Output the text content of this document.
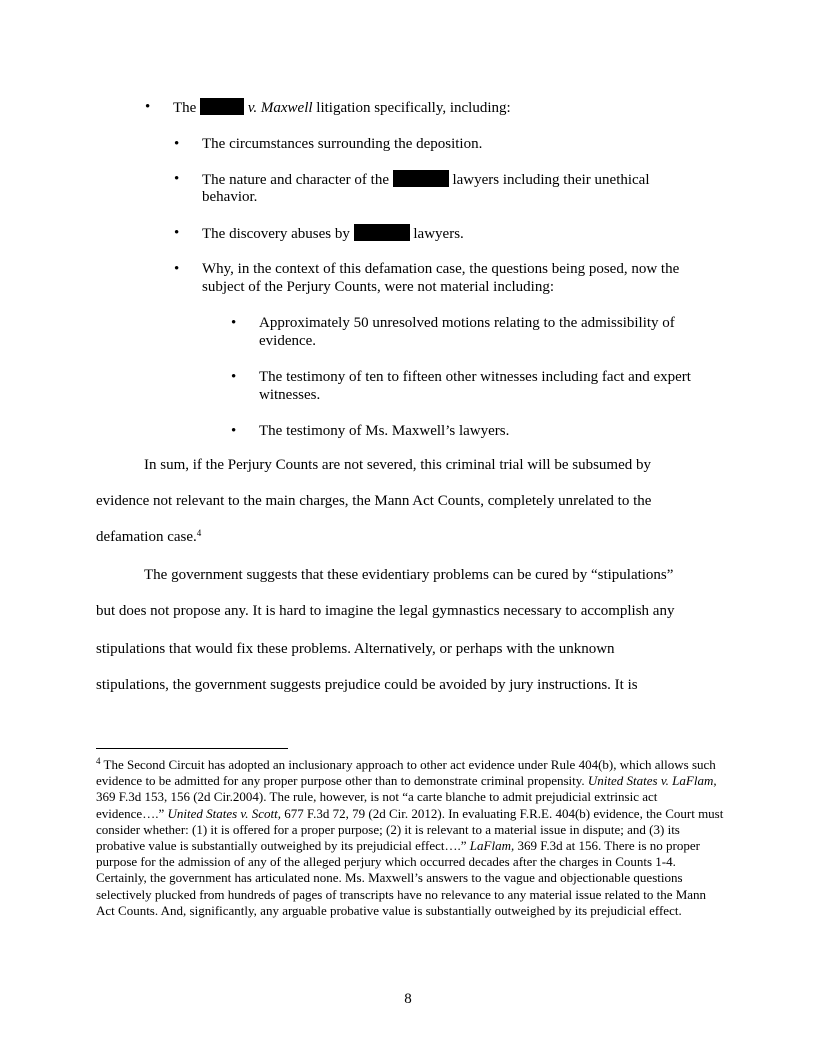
• The	v. Maxwell litigation specifically, including:
• The circumstances surrounding the deposition.
• The nature and character of the	lawyers including their unethical
behavior.
• The discovery abuses by	lawyers.
• Why, in the context of this defamation case, the questions being posed, now the
subject of the Perjury Counts, were not material including:
• Approximately 50 unresolved motions relating to the admissibility of
evidence.
• The testimony of ten to fifteen other witnesses including fact and expert
witnesses.
• The testimony of Ms. Maxwell’s lawyers.
In sum, if the Perjury Counts are not severed, this criminal trial will be subsumed by
evidence not relevant to the main charges, the Mann Act Counts, completely unrelated to the
defamation case.$^4$
The government suggests that these evidentiary problems can be cured by “stipulations”
but does not propose any. It is hard to imagine the legal gymnastics necessary to accomplish any
stipulations that would fix these problems. Alternatively, or perhaps with the unknown
stipulations, the government suggests prejudice could be avoided by jury instructions. It is
$^4$ The Second Circuit has adopted an inclusionary approach to other act evidence under Rule 404(b), which allows such evidence to be admitted for any proper purpose other than to demonstrate criminal propensity. United States v. LaFlam, 369 F.3d 153, 156 (2d Cir.2004). The rule, however, is not “a carte blanche to admit prejudicial extrinsic act evidence….” United States v. Scott, 677 F.3d 72, 79 (2d Cir. 2012). In evaluating F.R.E. 404(b) evidence, the Court must consider whether: (1) it is offered for a proper purpose; (2) it is relevant to a material issue in dispute; and (3) its probative value is substantially outweighed by its prejudicial effect….” LaFlam, 369 F.3d at 156. There is no proper purpose for the admission of any of the alleged perjury which occurred decades after the charges in Counts 1-4. Certainly, the government has articulated none. Ms. Maxwell’s answers to the vague and objectionable questions selectively plucked from hundreds of pages of transcripts have no relevance to any material issue related to the Mann Act Counts. And, significantly, any arguable probative value is substantially outweighed by its prejudicial effect.
8
